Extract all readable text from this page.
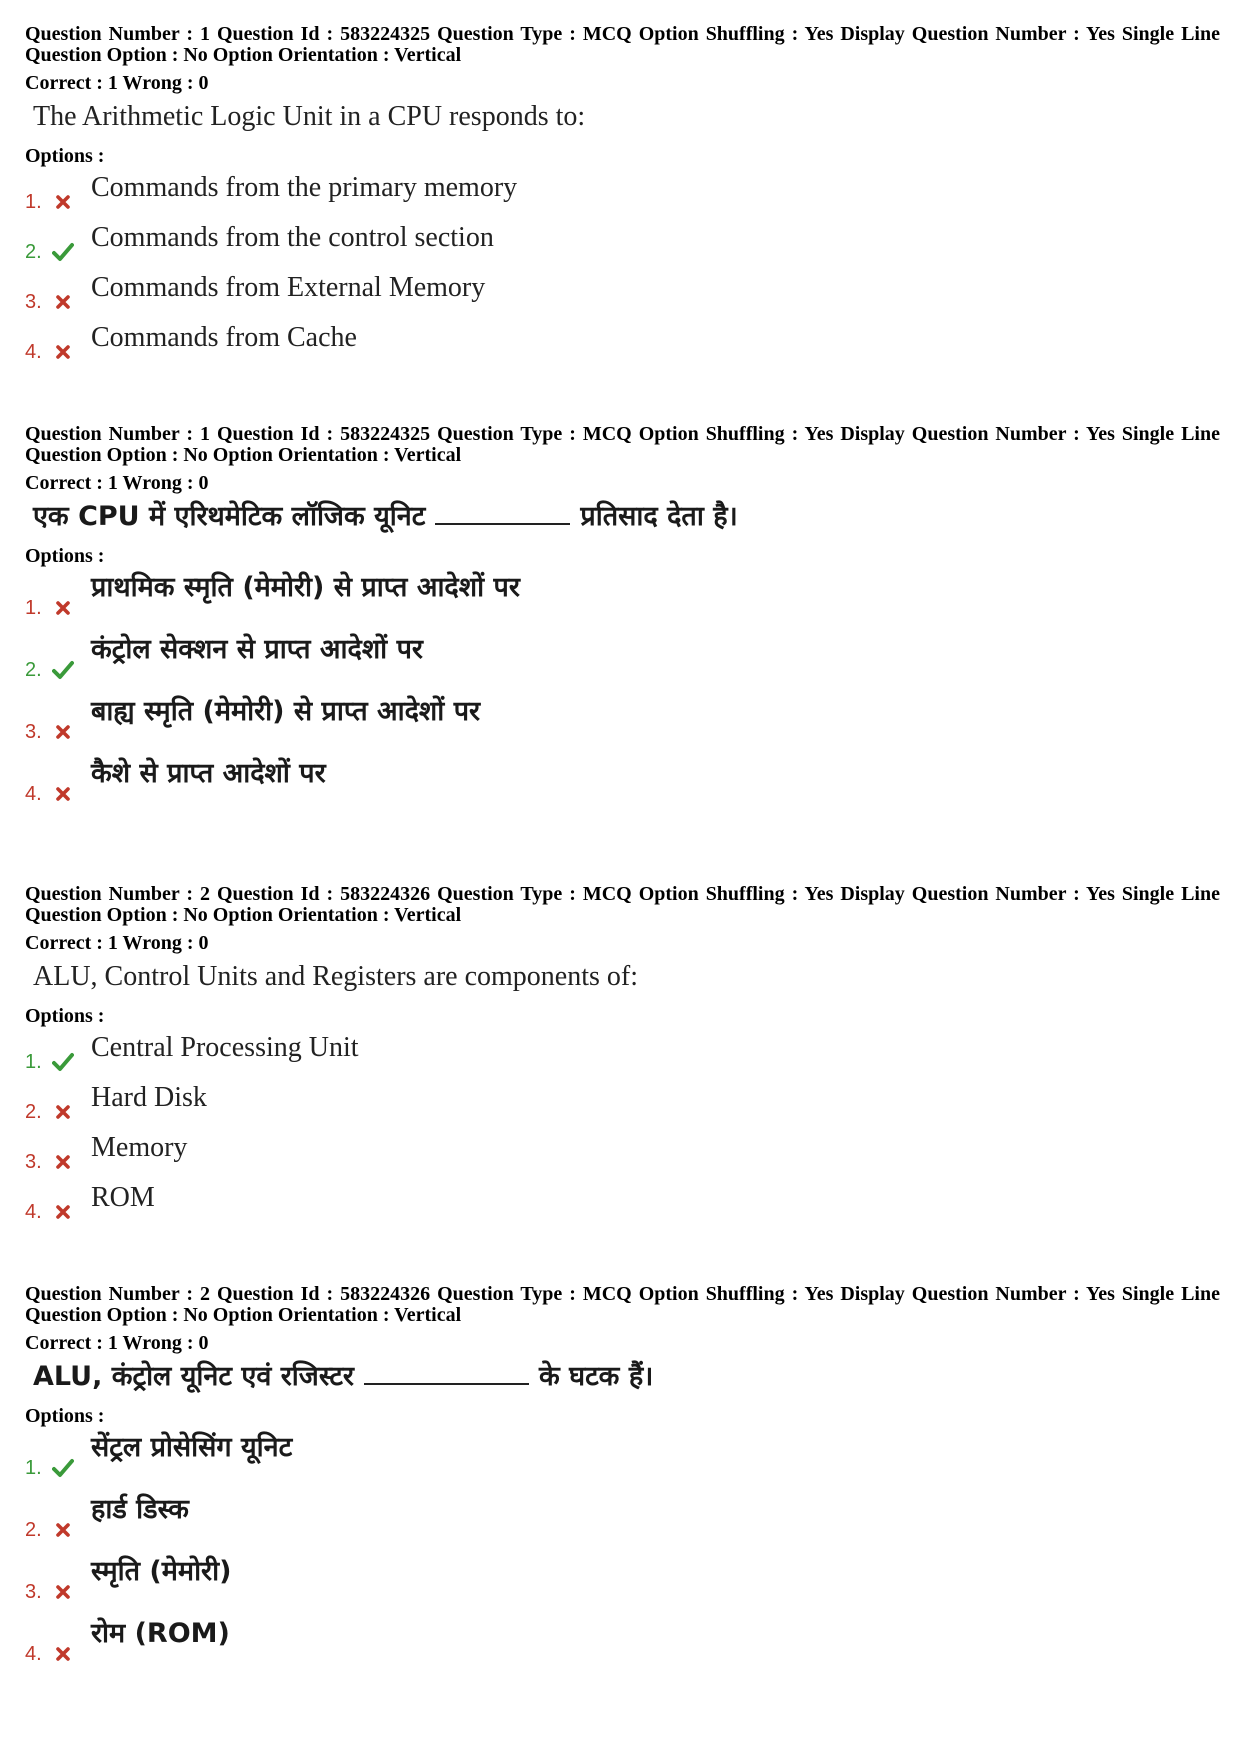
Question Number : 1 Question Id : 583224325 Question Type : MCQ Option Shuffling : Yes Display Question Number : Yes Single Line Question Option : No Option Orientation : Vertical
Correct : 1 Wrong : 0
The Arithmetic Logic Unit in a CPU responds to:
Options :
1. Commands from the primary memory
2. Commands from the control section
3. Commands from External Memory
4. Commands from Cache
Question Number : 1 Question Id : 583224325 Question Type : MCQ Option Shuffling : Yes Display Question Number : Yes Single Line Question Option : No Option Orientation : Vertical
Correct : 1 Wrong : 0
एक CPU में एरिथमेटिक लॉजिक यूनिट	प्रतिसाद देता है।
Options :
1.
प्राथमिक स्मृति (मेमोरी) से प्राप्त आदेशों पर
2.
कंट्रोल सेक्शन से प्राप्त आदेशों पर
3.
बाह्य स्मृति (मेमोरी) से प्राप्त आदेशों पर
4.
कैशे से प्राप्त आदेशों पर
Question Number : 2 Question Id : 583224326 Question Type : MCQ Option Shuffling : Yes Display Question Number : Yes Single Line Question Option : No Option Orientation : Vertical
Correct : 1 Wrong : 0
ALU, Control Units and Registers are components of:
Options :
1. Central Processing Unit
2. Hard Disk
3. Memory
4. ROM
Question Number : 2 Question Id : 583224326 Question Type : MCQ Option Shuffling : Yes Display Question Number : Yes Single Line Question Option : No Option Orientation : Vertical
Correct : 1 Wrong : 0
ALU, कंट्रोल यूनिट एवं रजिस्टर	के घटक हैं।
Options :
1.
सेंट्रल प्रोसेसिंग यूनिट
2.
हार्ड डिस्क
3.
स्मृति (मेमोरी)
4.
रोम (ROM)
